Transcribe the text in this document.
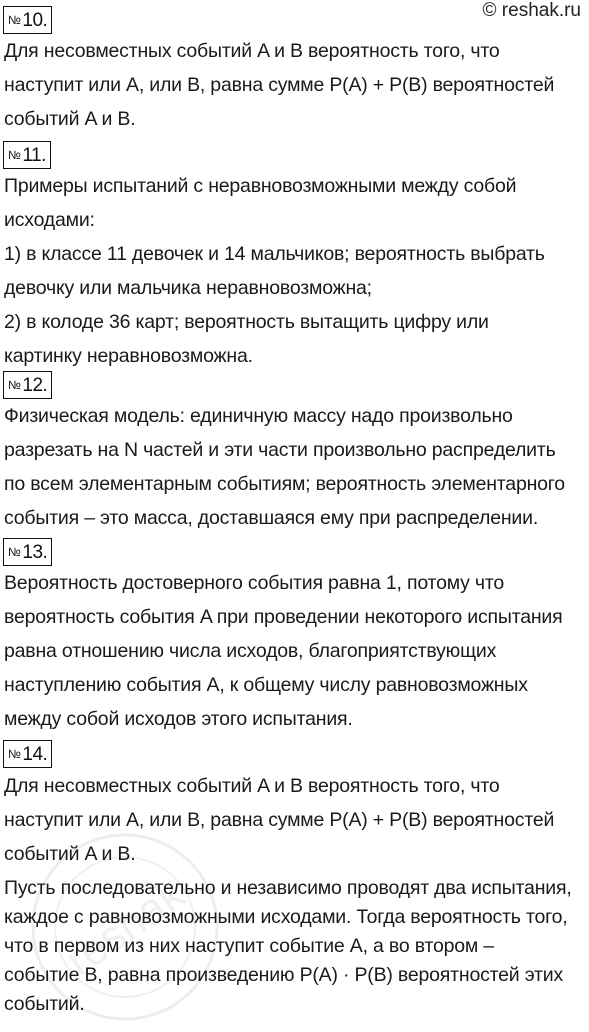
© reshak.ru
№ 10.
Для несовместных событий A и B вероятность того, что
наступит или A, или B, равна сумме P(A) + P(B) вероятностей
событий A и B.
№ 11.
Примеры испытаний с неравновозможными между собой
исходами:
1) в классе 11 девочек и 14 мальчиков; вероятность выбрать
девочку или мальчика неравновозможна;
2) в колоде 36 карт; вероятность вытащить цифру или
картинку неравновозможна.
№ 12.
Физическая модель: единичную массу надо произвольно
разрезать на N частей и эти части произвольно распределить
по всем элементарным событиям; вероятность элементарного
события – это масса, доставшаяся ему при распределении.
№ 13.
Вероятность достоверного события равна 1, потому что
вероятность события A при проведении некоторого испытания
равна отношению числа исходов, благоприятствующих
наступлению события A, к общему числу равновозможных
между собой исходов этого испытания.
№ 14.
Для несовместных событий A и B вероятность того, что
наступит или A, или B, равна сумме P(A) + P(B) вероятностей
событий A и B.
Пусть последовательно и независимо проводят два испытания,
каждое с равновозможными исходами. Тогда вероятность того,
что в первом из них наступит событие A, а во втором –
событие B, равна произведению P(A) · P(B) вероятностей этих
событий.
reshak
